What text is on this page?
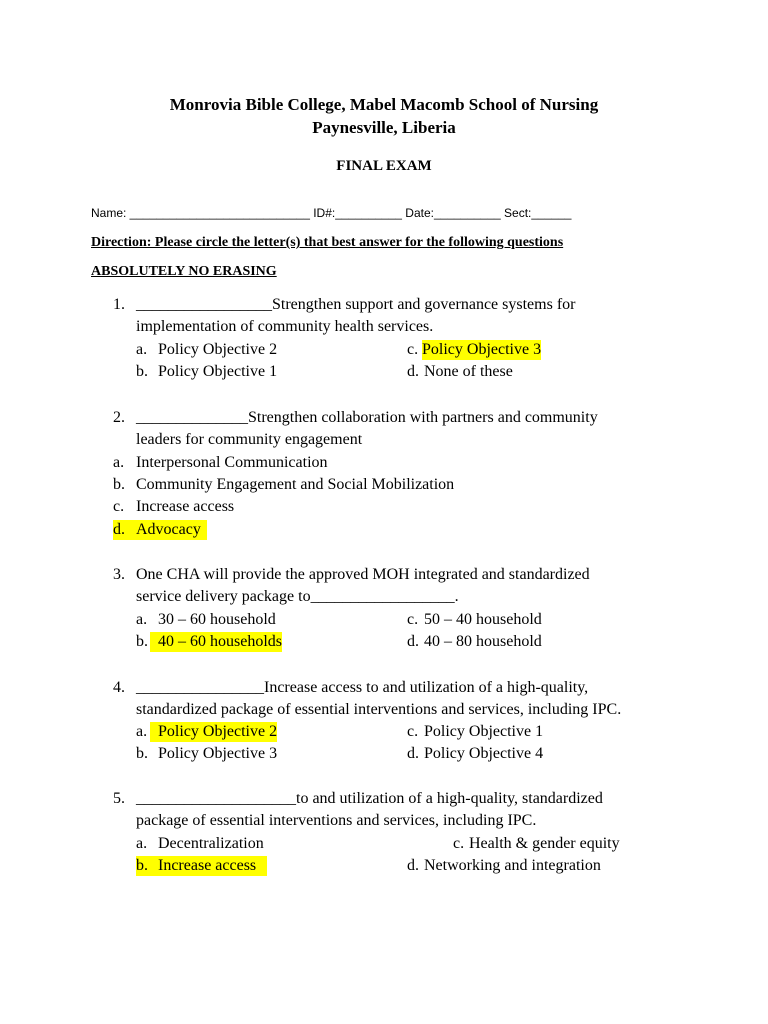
Monrovia Bible College, Mabel Macomb School of Nursing
Paynesville, Liberia
FINAL EXAM
Name: ___________________________ ID#:__________ Date:__________ Sect:______
Direction: Please circle the letter(s) that best answer for the following questions
ABSOLUTELY NO ERASING
1. _________________Strengthen support and governance systems for
implementation of community health services.
a. Policy Objective 2	c. Policy Objective 3
b. Policy Objective 1	d. None of these
2. ______________Strengthen collaboration with partners and community
leaders for community engagement
a. Interpersonal Communication
b. Community Engagement and Social Mobilization
c. Increase access
d. Advocacy
3. One CHA will provide the approved MOH integrated and standardized
service delivery package to__________________.
a. 30 – 60 household	c. 50 – 40 household
b. 40 – 60 households	d. 40 – 80 household
4. ________________Increase access to and utilization of a high-quality,
standardized package of essential interventions and services, including IPC.
a. Policy Objective 2	c. Policy Objective 1
b. Policy Objective 3	d. Policy Objective 4
5. ____________________to and utilization of a high-quality, standardized
package of essential interventions and services, including IPC.
a. Decentralization	c. Health & gender equity
b. Increase access	d. Networking and integration
